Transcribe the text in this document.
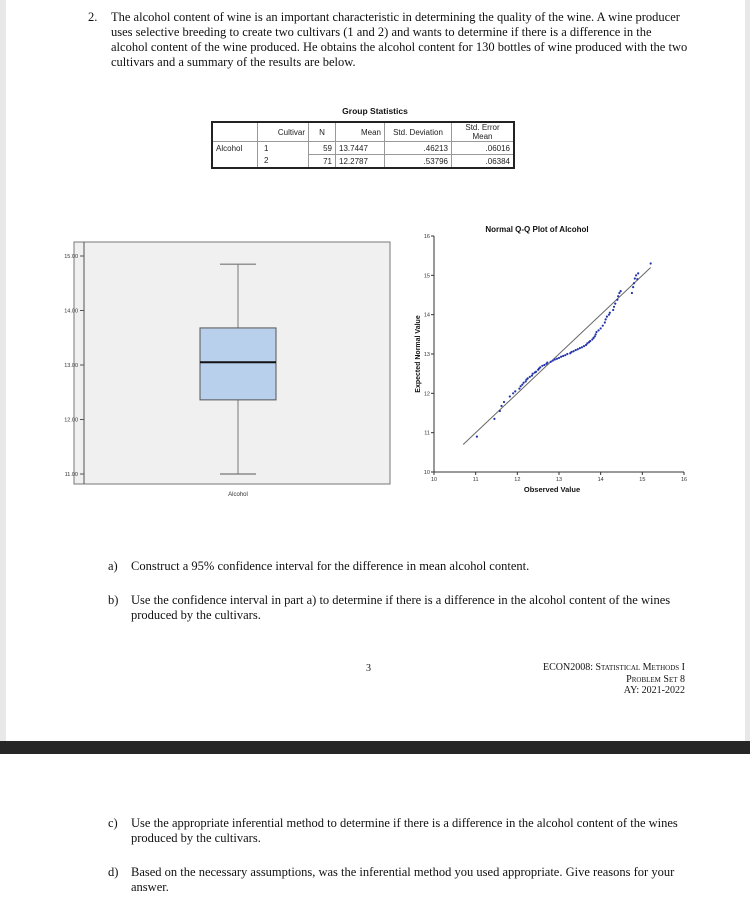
2. The alcohol content of wine is an important characteristic in determining the quality of the wine. A wine producer uses selective breeding to create two cultivars (1 and 2) and wants to determine if there is a difference in the alcohol content of the wine produced. He obtains the alcohol content for 130 bottles of wine produced with the two cultivars and a summary of the results are below.
Group Statistics
	Cultivar	N	Mean	Std. Deviation	Std. Error
Mean
Alcohol	1	59	13.7447	.46213	.06016
	2	71	12.2787	.53796	.06384
11.00
12.00
13.00
14.00
15.00
Alcohol
Normal Q-Q Plot of Alcohol
10
11
12
13
14
15
16
10	11	12	13	14	15	16
Observed Value
Expected Normal Value
a) Construct a 95% confidence interval for the difference in mean alcohol content.
b) Use the confidence interval in part a) to determine if there is a difference in the alcohol content of the wines produced by the cultivars.
3	ECON2008: Statistical Methods I
Problem Set 8
AY: 2021-2022
c) Use the appropriate inferential method to determine if there is a difference in the alcohol content of the wines produced by the cultivars.
d) Based on the necessary assumptions, was the inferential method you used appropriate. Give reasons for your answer.
